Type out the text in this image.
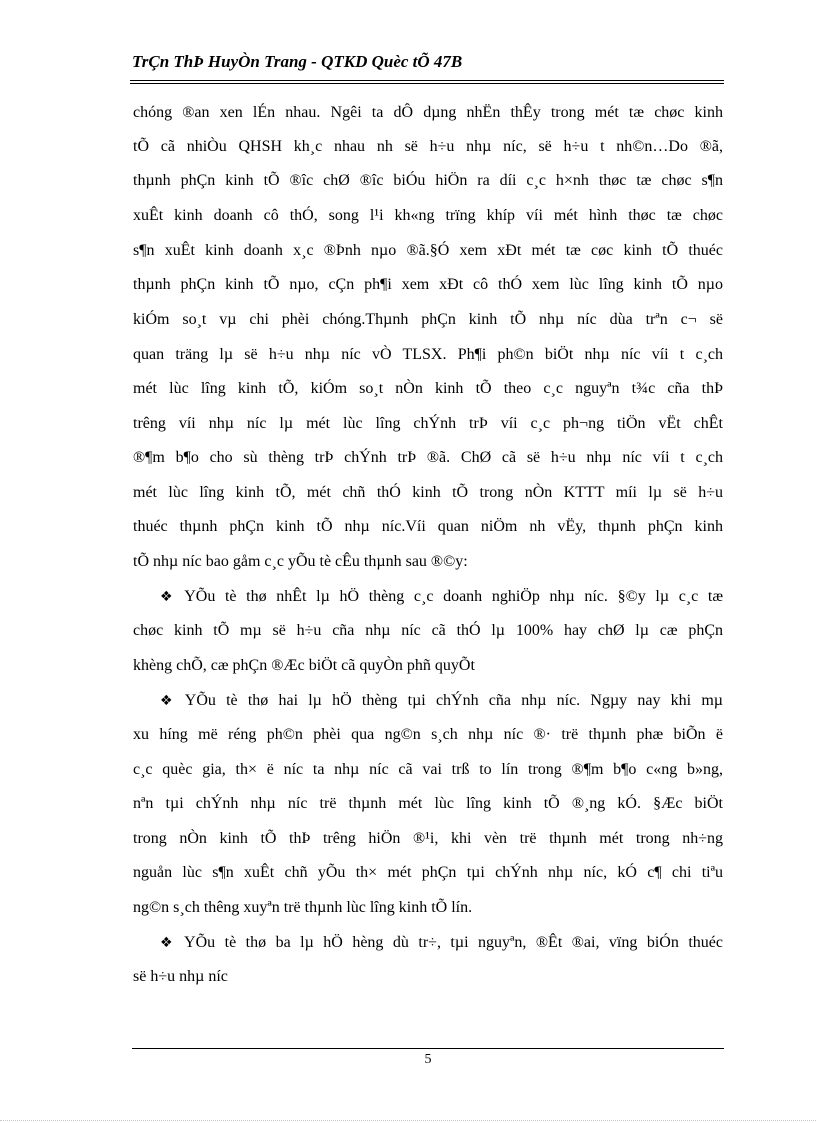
TrÇn ThÞ HuyÒn Trang - QTKD Quèc tÕ 47B
chóng ®an xen lÉn nhau. Ngêi ta dÔ dµng nhËn thÊy trong mét tæ chøc kinh
tÕ cã nhiÒu QHSH kh¸c nhau nh së h÷u nhµ níc, së h÷u t nh©n…Do ®ã,
thµnh phÇn kinh tÕ ®îc chØ ®îc biÓu hiÖn ra díi c¸c h×nh thøc tæ chøc s¶n
xuÊt kinh doanh cô thÓ, song l¹i kh«ng trïng khíp víi mét hình thøc tæ chøc
s¶n xuÊt kinh doanh x¸c ®Þnh nµo ®ã.§Ó xem xÐt mét tæ cøc kinh tÕ thuéc
thµnh phÇn kinh tÕ nµo, cÇn ph¶i xem xÐt cô thÓ xem lùc lîng kinh tÕ nµo
kiÓm so¸t vµ chi phèi chóng.Thµnh phÇn kinh tÕ nhµ níc dùa trªn c¬ së
quan träng lµ së h÷u nhµ níc vÒ TLSX. Ph¶i ph©n biÖt nhµ níc víi t c¸ch
mét lùc lîng kinh tÕ, kiÓm so¸t nÒn kinh tÕ theo c¸c nguyªn t¾c cña thÞ
trêng víi nhµ níc lµ mét lùc lîng chÝnh trÞ víi c¸c ph¬ng tiÖn vËt chÊt
®¶m b¶o cho sù thèng trÞ chÝnh trÞ ®ã. ChØ cã së h÷u nhµ níc víi t c¸ch
mét lùc lîng kinh tÕ, mét chñ thÓ kinh tÕ trong nÒn KTTT míi lµ së h÷u
thuéc thµnh phÇn kinh tÕ nhµ níc.Víi quan niÖm nh vËy, thµnh phÇn kinh
tÕ nhµ níc bao gåm c¸c yÕu tè cÊu thµnh sau ®©y:
❖ YÕu tè thø nhÊt lµ hÖ thèng c¸c doanh nghiÖp nhµ níc. §©y lµ c¸c tæ
chøc kinh tÕ mµ së h÷u cña nhµ níc cã thÓ lµ 100% hay chØ lµ cæ phÇn
khèng chÕ, cæ phÇn ®Æc biÖt cã quyÒn phñ quyÕt
❖ YÕu tè thø hai lµ hÖ thèng tµi chÝnh cña nhµ níc. Ngµy nay khi mµ
xu híng më réng ph©n phèi qua ng©n s¸ch nhµ níc ®· trë thµnh phæ biÕn ë
c¸c quèc gia, th× ë níc ta nhµ níc cã vai trß to lín trong ®¶m b¶o c«ng b»ng,
nªn tµi chÝnh nhµ níc trë thµnh mét lùc lîng kinh tÕ ®¸ng kÓ. §Æc biÖt
trong nÒn kinh tÕ thÞ trêng hiÖn ®¹i, khi vèn trë thµnh mét trong nh÷ng
nguån lùc s¶n xuÊt chñ yÕu th× mét phÇn tµi chÝnh nhµ níc, kÓ c¶ chi tiªu
ng©n s¸ch thêng xuyªn trë thµnh lùc lîng kinh tÕ lín.
❖ YÕu tè thø ba lµ hÖ hèng dù tr÷, tµi nguyªn, ®Êt ®ai, vïng biÓn thuéc
së h÷u nhµ níc
5
